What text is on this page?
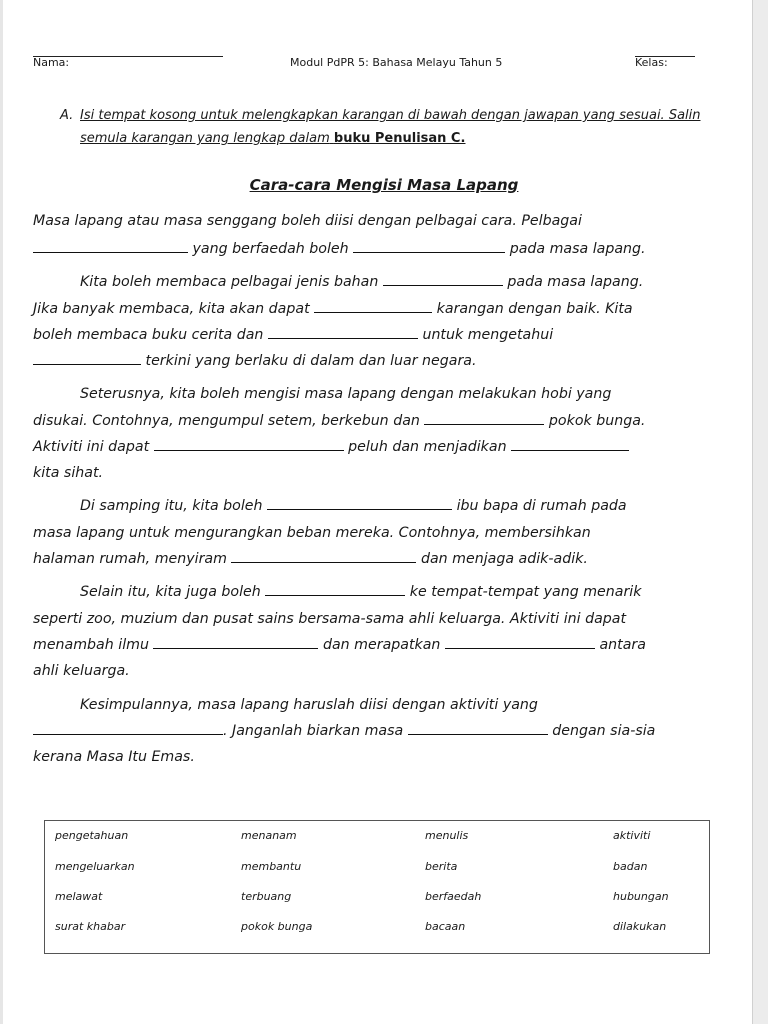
Nama:	Modul PdPR 5: Bahasa Melayu Tahun 5	Kelas:
A. Isi tempat kosong untuk melengkapkan karangan di bawah dengan jawapan yang sesuai. Salin semula karangan yang lengkap dalam buku Penulisan C.
Cara-cara Mengisi Masa Lapang
Masa lapang atau masa senggang boleh diisi dengan pelbagai cara. Pelbagai
yang berfaedah boleh	pada masa lapang.
Kita boleh membaca pelbagai jenis bahan	pada masa lapang.
Jika banyak membaca, kita akan dapat	karangan dengan baik. Kita
boleh membaca buku cerita dan	untuk mengetahui
terkini yang berlaku di dalam dan luar negara.
Seterusnya, kita boleh mengisi masa lapang dengan melakukan hobi yang
disukai. Contohnya, mengumpul setem, berkebun dan	pokok bunga.
Aktiviti ini dapat	peluh dan menjadikan
kita sihat.
Di samping itu, kita boleh	ibu bapa di rumah pada
masa lapang untuk mengurangkan beban mereka. Contohnya, membersihkan
halaman rumah, menyiram	dan menjaga adik-adik.
Selain itu, kita juga boleh	ke tempat-tempat yang menarik
seperti zoo, muzium dan pusat sains bersama-sama ahli keluarga. Aktiviti ini dapat
menambah ilmu	dan merapatkan	antara
ahli keluarga.
Kesimpulannya, masa lapang haruslah diisi dengan aktiviti yang
. Janganlah biarkan masa	dengan sia-sia
kerana Masa Itu Emas.
pengetahuan	menanam	menulis	aktiviti
mengeluarkan	membantu	berita	badan
melawat	terbuang	berfaedah	hubungan
surat khabar	pokok bunga	bacaan	dilakukan
